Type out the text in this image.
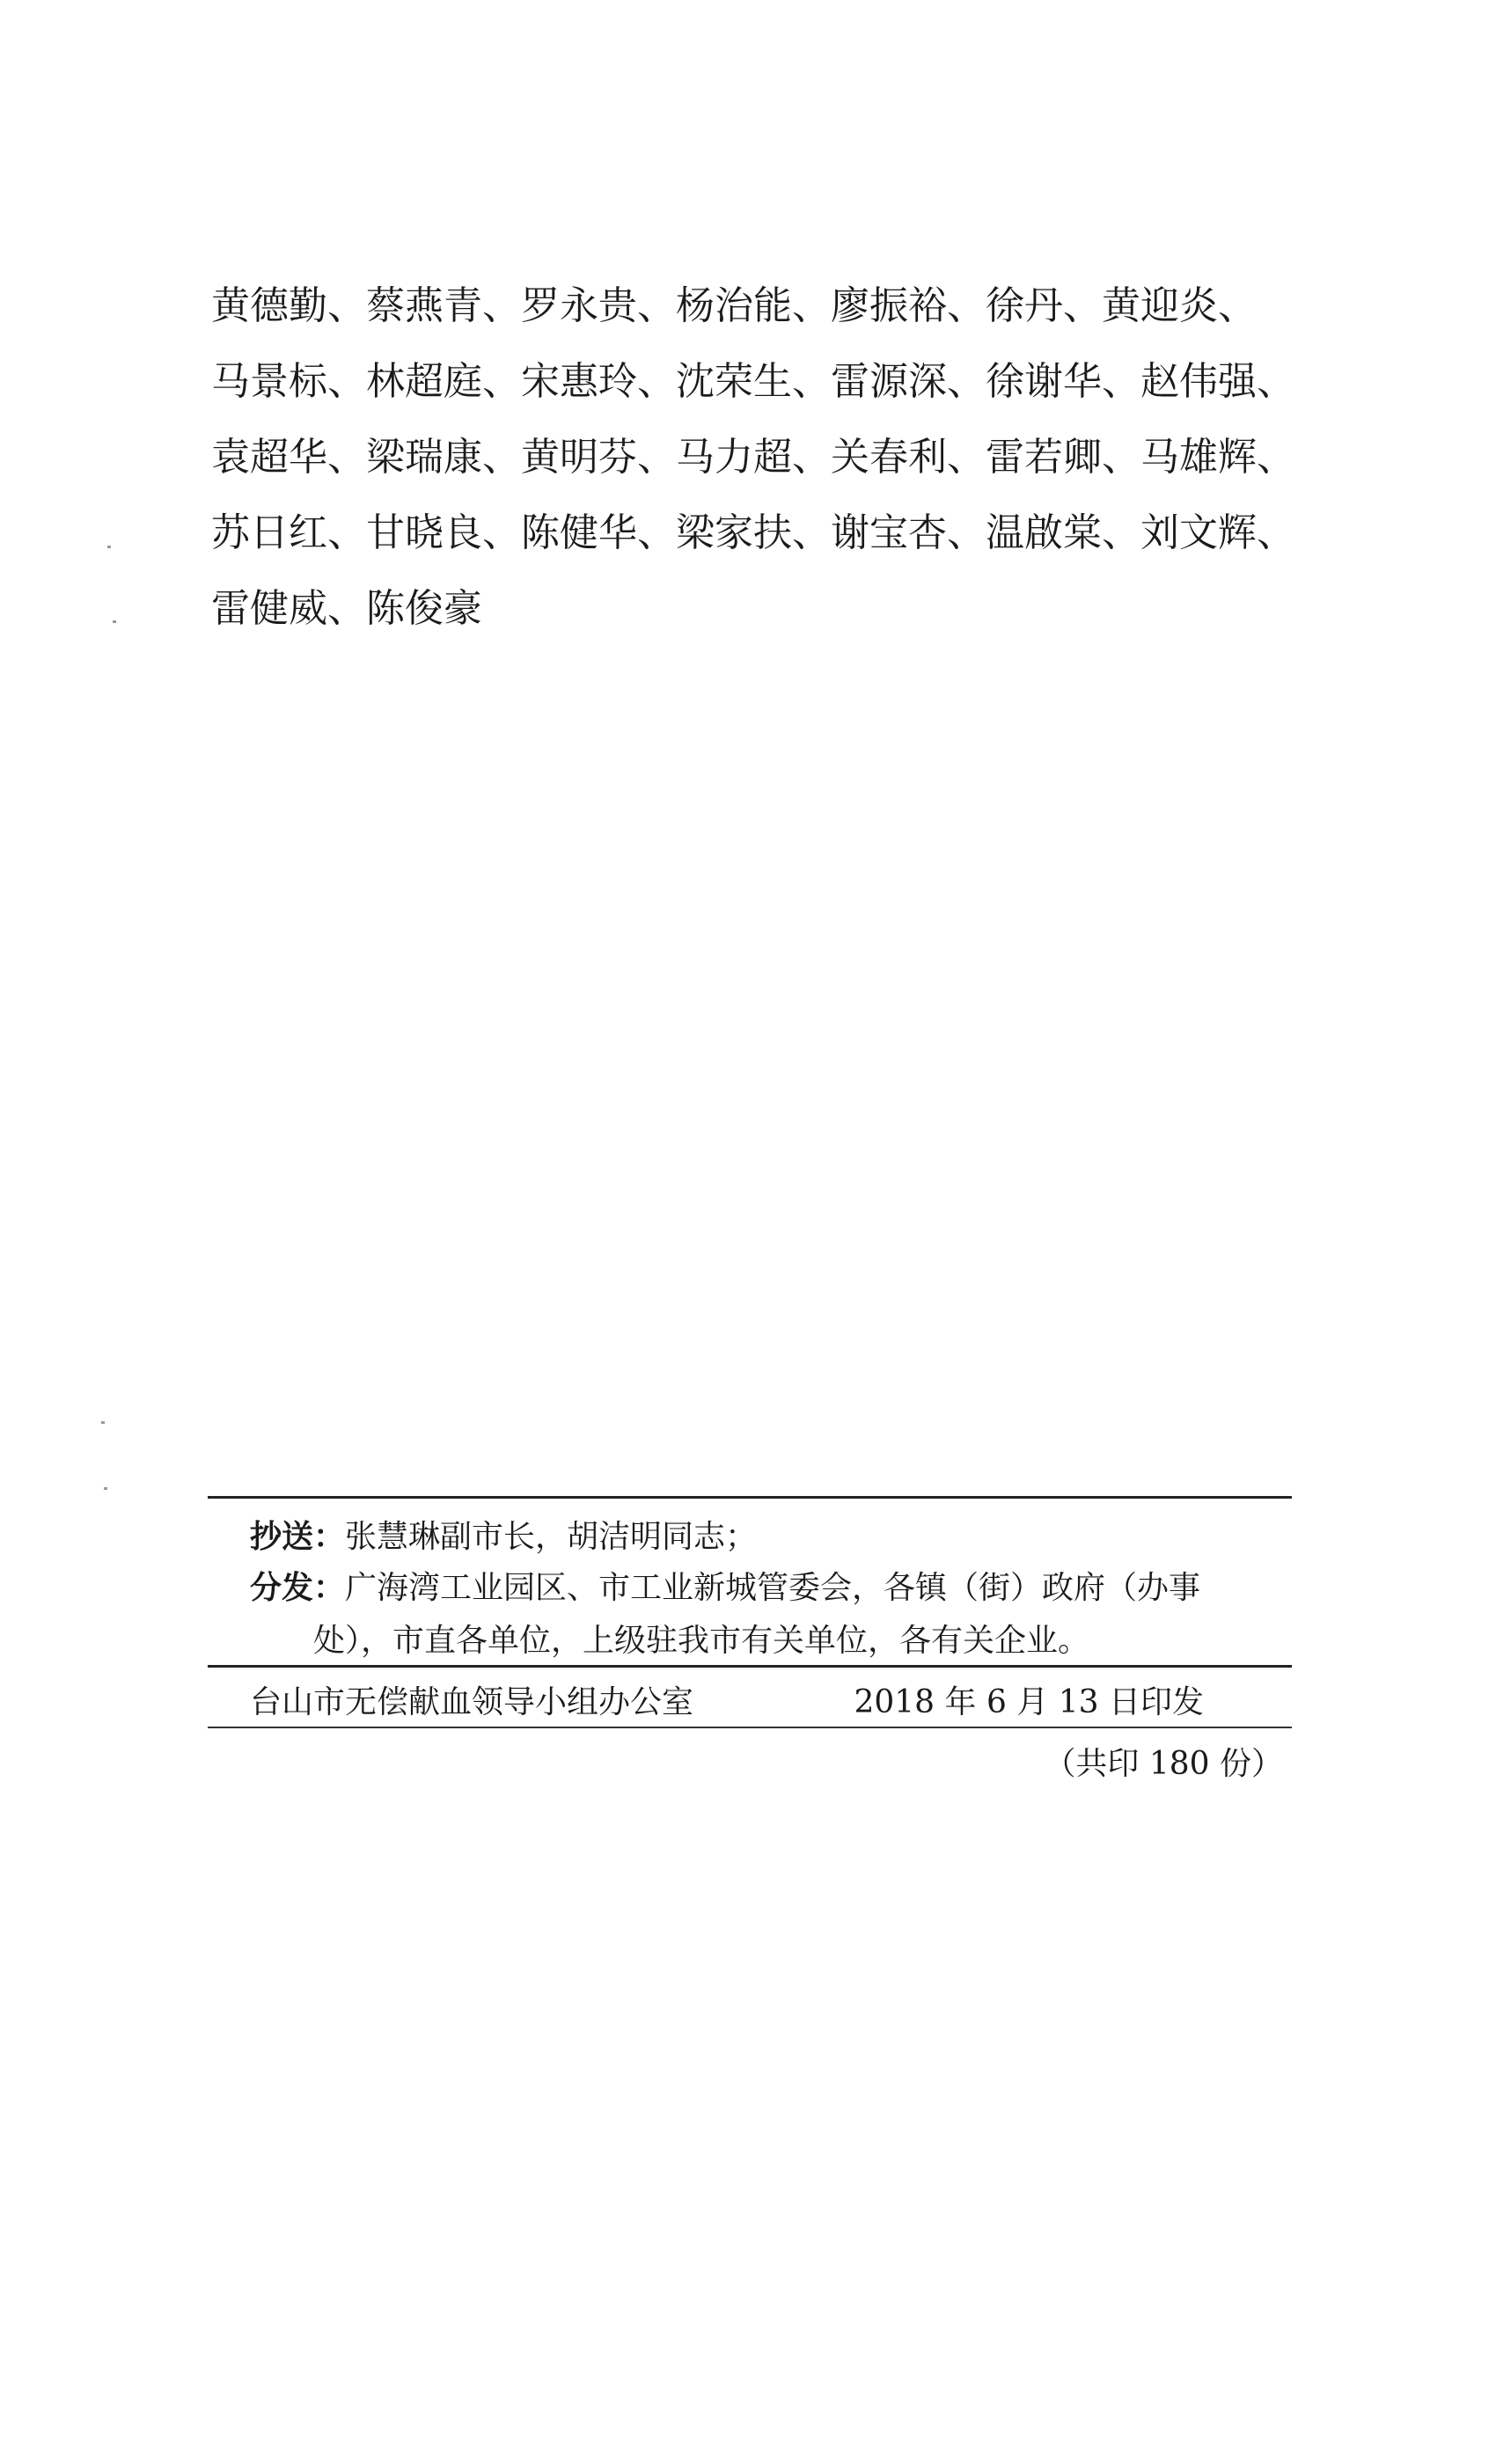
黄德勤、蔡燕青、罗永贵、杨治能、廖振裕、徐丹、黄迎炎、
马景标、林超庭、宋惠玲、沈荣生、雷源深、徐谢华、赵伟强、
袁超华、梁瑞康、黄明芬、马力超、关春利、雷若卿、马雄辉、
苏日红、甘晓良、陈健华、梁家扶、谢宝杏、温啟棠、刘文辉、
雷健威、陈俊豪
抄送：张慧琳副市长，胡洁明同志；
分发：广海湾工业园区、市工业新城管委会，各镇（街）政府（办事
处），市直各单位，上级驻我市有关单位，各有关企业。
台山市无偿献血领导小组办公室	2018 年 6 月 13 日印发
（共印 180 份）
